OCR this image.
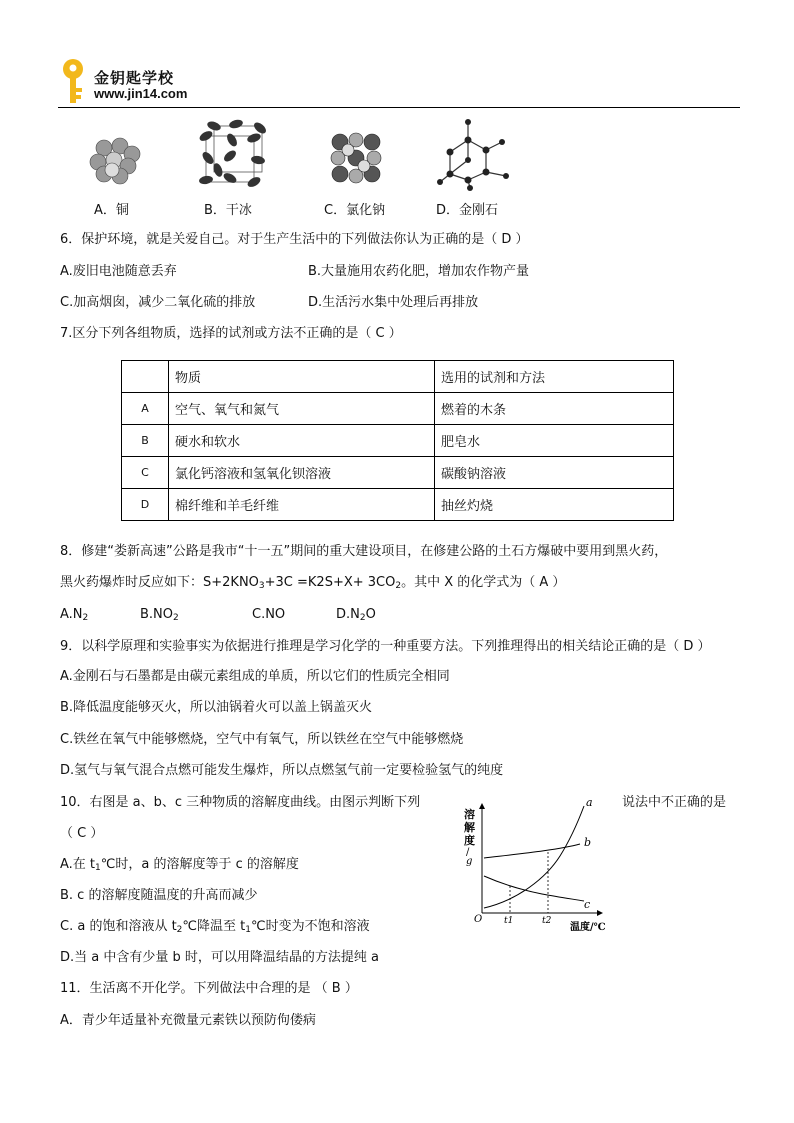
金钥匙学校
www.jin14.com
A．铜	B．干冰	C．氯化钠	D．金刚石
6．保护环境，就是关爱自己。对于生产生活中的下列做法你认为正确的是（ D ）
A.废旧电池随意丢弃	B.大量施用农药化肥，增加农作物产量
C.加高烟囱，减少二氧化硫的排放	D.生活污水集中处理后再排放
7.区分下列各组物质，选择的试剂或方法不正确的是（ C ）
	物质	选用的试剂和方法
A	空气、氧气和氮气	燃着的木条
B	硬水和软水	肥皂水
C	氯化钙溶液和氢氧化钡溶液	碳酸钠溶液
D	棉纤维和羊毛纤维	抽丝灼烧
8．修建“娄新高速”公路是我市“十一五”期间的重大建设项目，在修建公路的土石方爆破中要用到黑火药，
黑火药爆炸时反应如下：$S+2KNO_3+3C =K2S+X+ 3CO_2$。其中 X 的化学式为（ A ）
$A.N_2$	$B.NO_2$	C.NO	$D.N_2O$
9．以科学原理和实验事实为依据进行推理是学习化学的一种重要方法。下列推理得出的相关结论正确的是（ D ）
A.金刚石与石墨都是由碳元素组成的单质，所以它们的性质完全相同
B.降低温度能够灭火，所以油锅着火可以盖上锅盖灭火
C.铁丝在氧气中能够燃烧，空气中有氧气，所以铁丝在空气中能够燃烧
D.氢气与氧气混合点燃可能发生爆炸，所以点燃氢气前一定要检验氢气的纯度
10．右图是 a、b、c 三种物质的溶解度曲线。由图示判断下列	说法中不正确的是
（ C ）
A.在 $t_1℃$时，a 的溶解度等于 c 的溶解度
B. c 的溶解度随温度的升高而减少
C. a 的饱和溶液从 $t_2℃$降温至 $t_1℃$时变为不饱和溶液
D.当 a 中含有少量 b 时，可以用降温结晶的方法提纯 a
溶
解
度
/
g
O
温度/℃
a
b
c
t1	t2
11．生活离不开化学。下列做法中合理的是 （ B ）
A．青少年适量补充微量元素铁以预防佝偻病
